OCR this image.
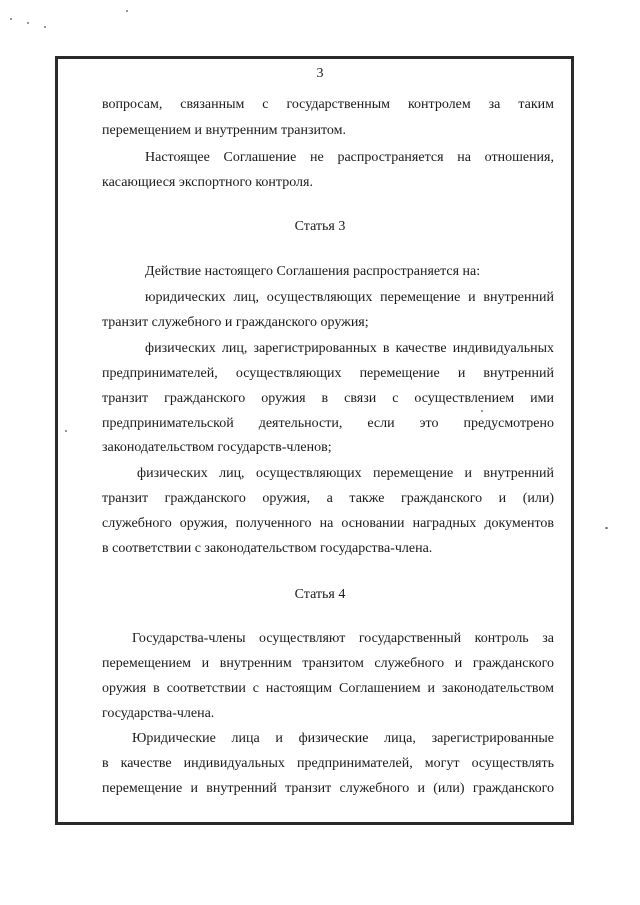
3
вопросам, связанным с государственным контролем за таким
перемещением и внутренним транзитом.
Настоящее Соглашение не распространяется на отношения,
касающиеся экспортного контроля.
Статья 3
Действие настоящего Соглашения распространяется на:
юридических лиц, осуществляющих перемещение и внутренний
транзит служебного и гражданского оружия;
физических лиц, зарегистрированных в качестве индивидуальных
предпринимателей, осуществляющих перемещение и внутренний
транзит гражданского оружия в связи с осуществлением ими
предпринимательской деятельности, если это предусмотрено
законодательством государств-членов;
физических лиц, осуществляющих перемещение и внутренний
транзит гражданского оружия, а также гражданского и (или)
служебного оружия, полученного на основании наградных документов
в соответствии с законодательством государства-члена.
Статья 4
Государства-члены осуществляют государственный контроль за
перемещением и внутренним транзитом служебного и гражданского
оружия в соответствии с настоящим Соглашением и законодательством
государства-члена.
Юридические лица и физические лица, зарегистрированные
в качестве индивидуальных предпринимателей, могут осуществлять
перемещение и внутренний транзит служебного и (или) гражданского
